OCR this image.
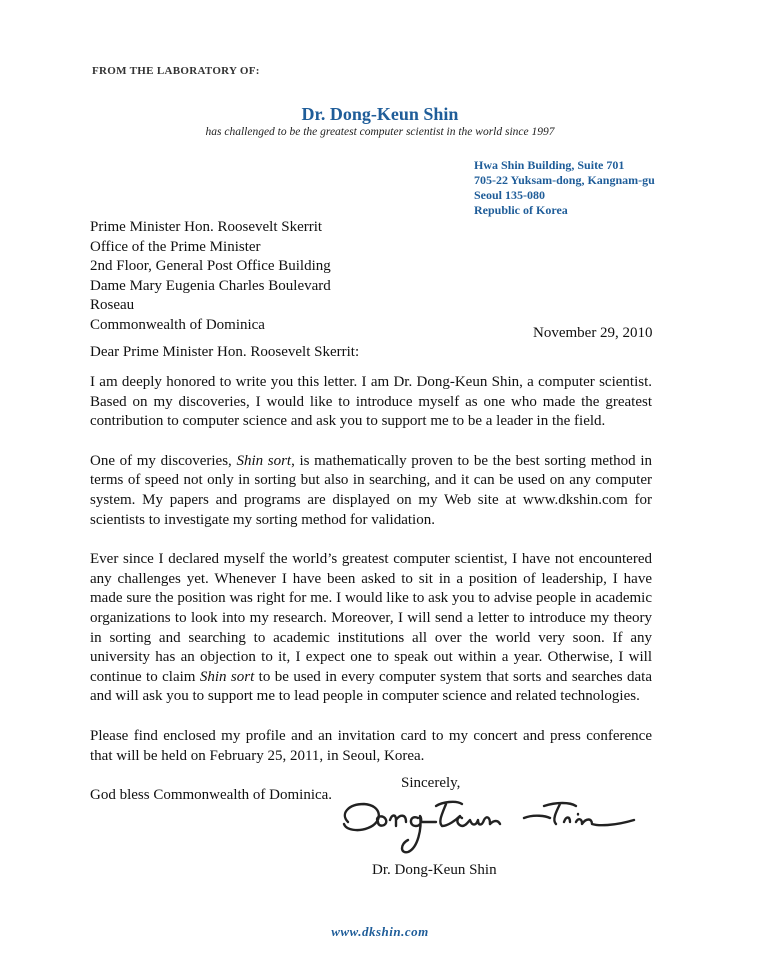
FROM THE LABORATORY OF:
Dr. Dong-Keun Shin
has challenged to be the greatest computer scientist in the world since 1997
Hwa Shin Building, Suite 701
705-22 Yuksam-dong, Kangnam-gu
Seoul 135-080
Republic of Korea
Prime Minister Hon. Roosevelt Skerrit
Office of the Prime Minister
2nd Floor, General Post Office Building
Dame Mary Eugenia Charles Boulevard
Roseau
Commonwealth of Dominica
November 29, 2010
Dear Prime Minister Hon. Roosevelt Skerrit:

I am deeply honored to write you this letter. I am Dr. Dong-Keun Shin, a computer scientist. Based on my discoveries, I would like to introduce myself as one who made the greatest contribution to computer science and ask you to support me to be a leader in the field.

One of my discoveries, Shin sort, is mathematically proven to be the best sorting method in terms of speed not only in sorting but also in searching, and it can be used on any computer system. My papers and programs are displayed on my Web site at www.dkshin.com for scientists to investigate my sorting method for validation.

Ever since I declared myself the world’s greatest computer scientist, I have not encountered any challenges yet. Whenever I have been asked to sit in a position of leadership, I have made sure the position was right for me. I would like to ask you to advise people in academic organizations to look into my research. Moreover, I will send a letter to introduce my theory in sorting and searching to academic institutions all over the world very soon. If any university has an objection to it, I expect one to speak out within a year. Otherwise, I will continue to claim Shin sort to be used in every computer system that sorts and searches data and will ask you to support me to lead people in computer science and related technologies.

Please find enclosed my profile and an invitation card to my concert and press conference that will be held on February 25, 2011, in Seoul, Korea.

God bless Commonwealth of Dominica.

Sincerely,
Dr. Dong-Keun Shin
www.dkshin.com
